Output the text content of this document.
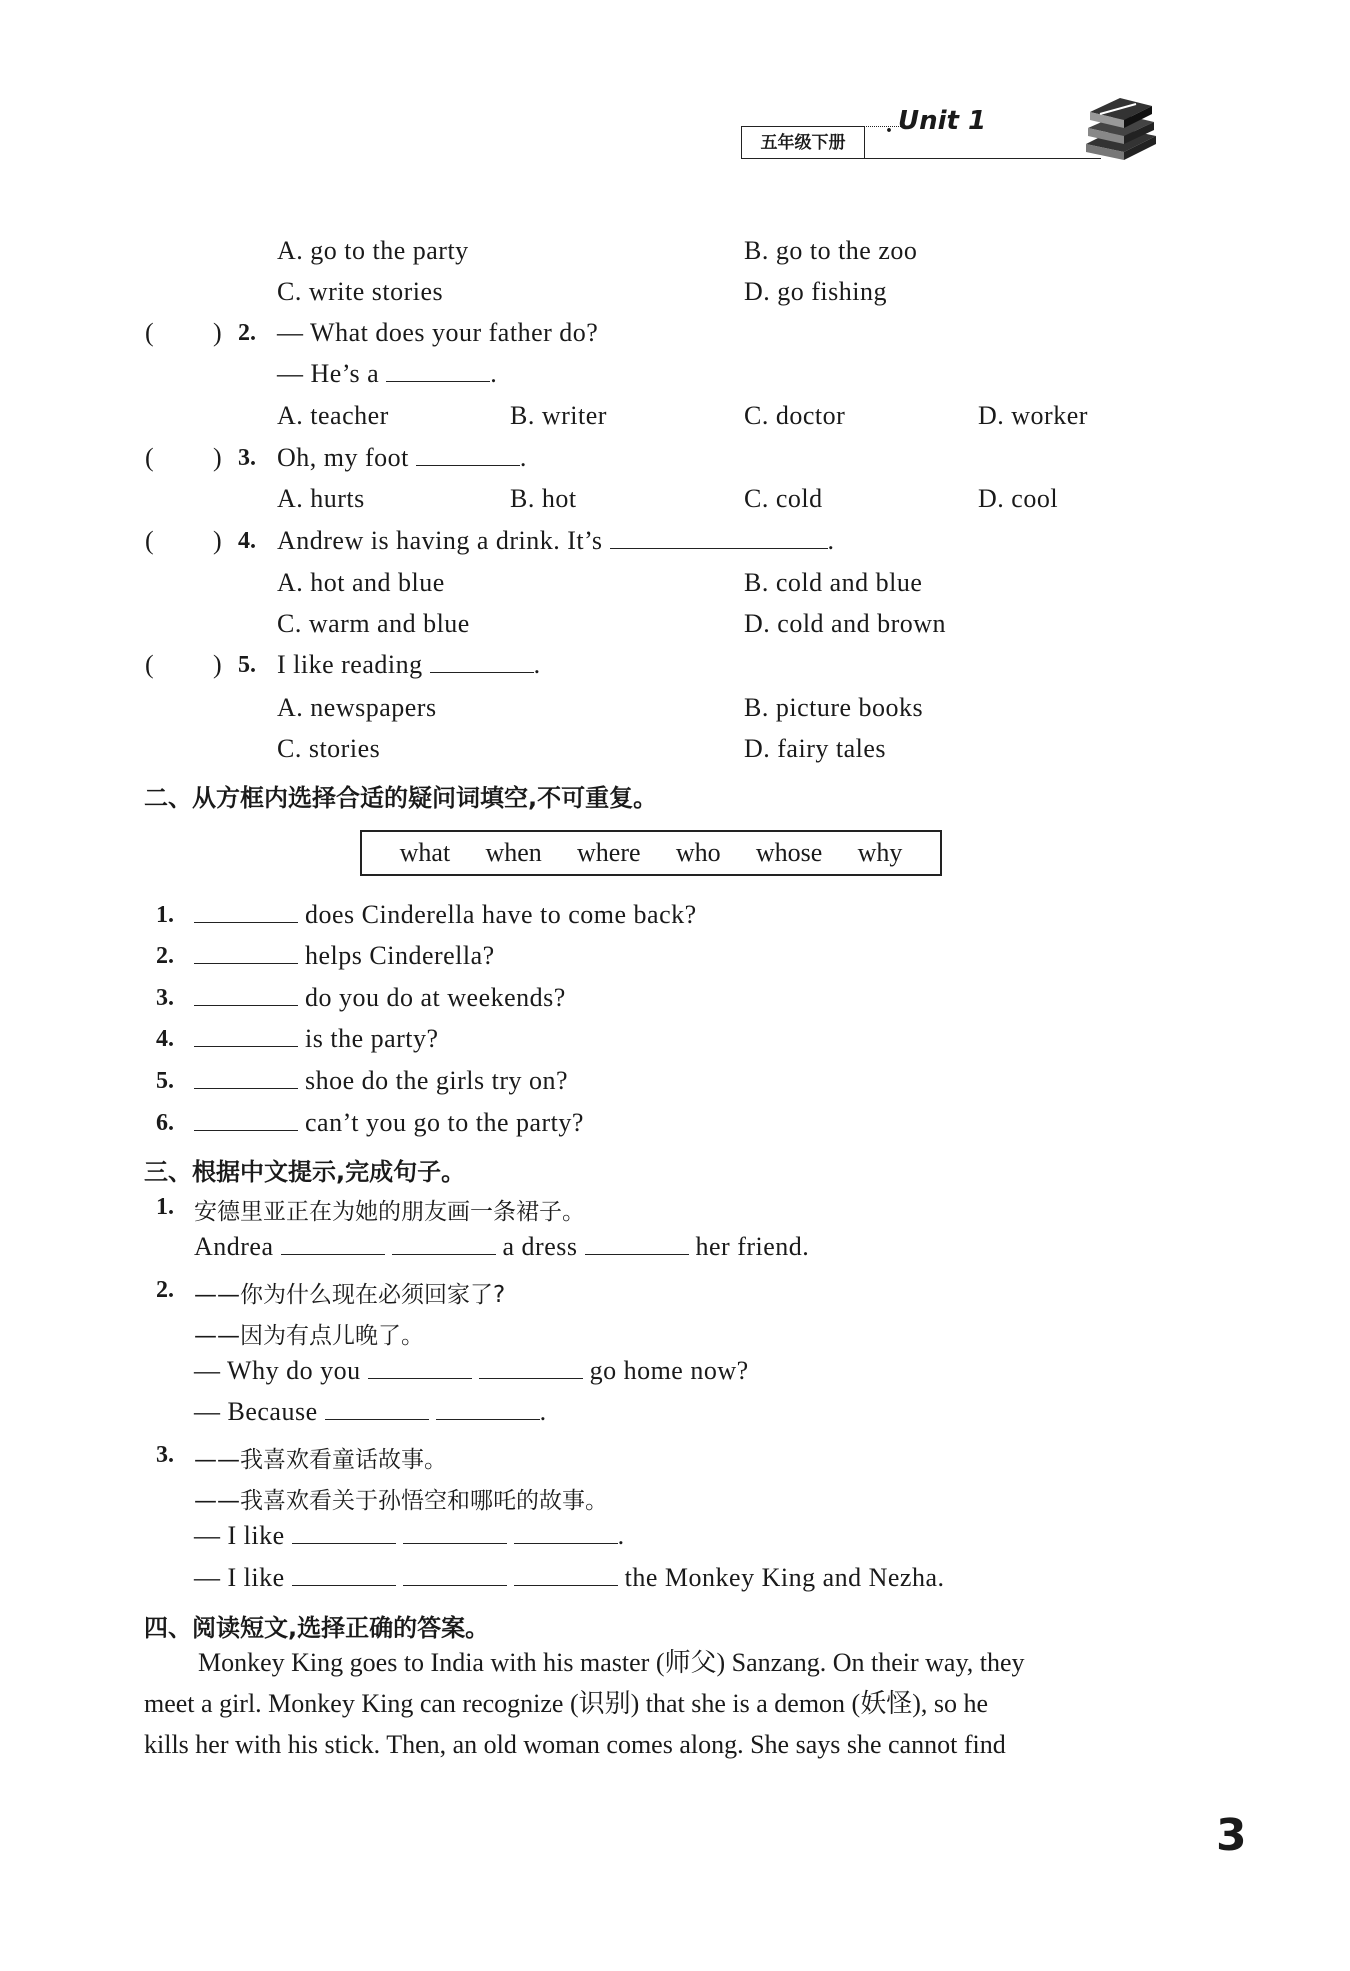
五年级下册
. Unit 1
A. go to the party	B. go to the zoo
C. write stories	D. go fishing
( ) 2. — What does your father do?
— He’s a	.
A. teacher	B. writer	C. doctor	D. worker
( ) 3. Oh, my foot	.
A. hurts	B. hot	C. cold	D. cool
( ) 4. Andrew is having a drink. It’s	.
A. hot and blue	B. cold and blue
C. warm and blue	D. cold and brown
( ) 5. I like reading	.
A. newspapers	B. picture books
C. stories	D. fairy tales
二、从方框内选择合适的疑问词填空,不可重复。
what when where who whose why
1.	does Cinderella have to come back?
2.	helps Cinderella?
3.	do you do at weekends?
4.	is the party?
5.	shoe do the girls try on?
6.	can’t you go to the party?
三、根据中文提示,完成句子。
1. 安德里亚正在为她的朋友画一条裙子。
Andrea	a dress	her friend.
2. ——你为什么现在必须回家了?
——因为有点儿晚了。
— Why do you	go home now?
— Because	.
3. ——我喜欢看童话故事。
——我喜欢看关于孙悟空和哪吒的故事。
— I like	.
— I like	the Monkey King and Nezha.
四、阅读短文,选择正确的答案。
Monkey King goes to India with his master (师父) Sanzang. On their way, they
meet a girl. Monkey King can recognize (识别) that she is a demon (妖怪), so he
kills her with his stick. Then, an old woman comes along. She says she cannot find
3
